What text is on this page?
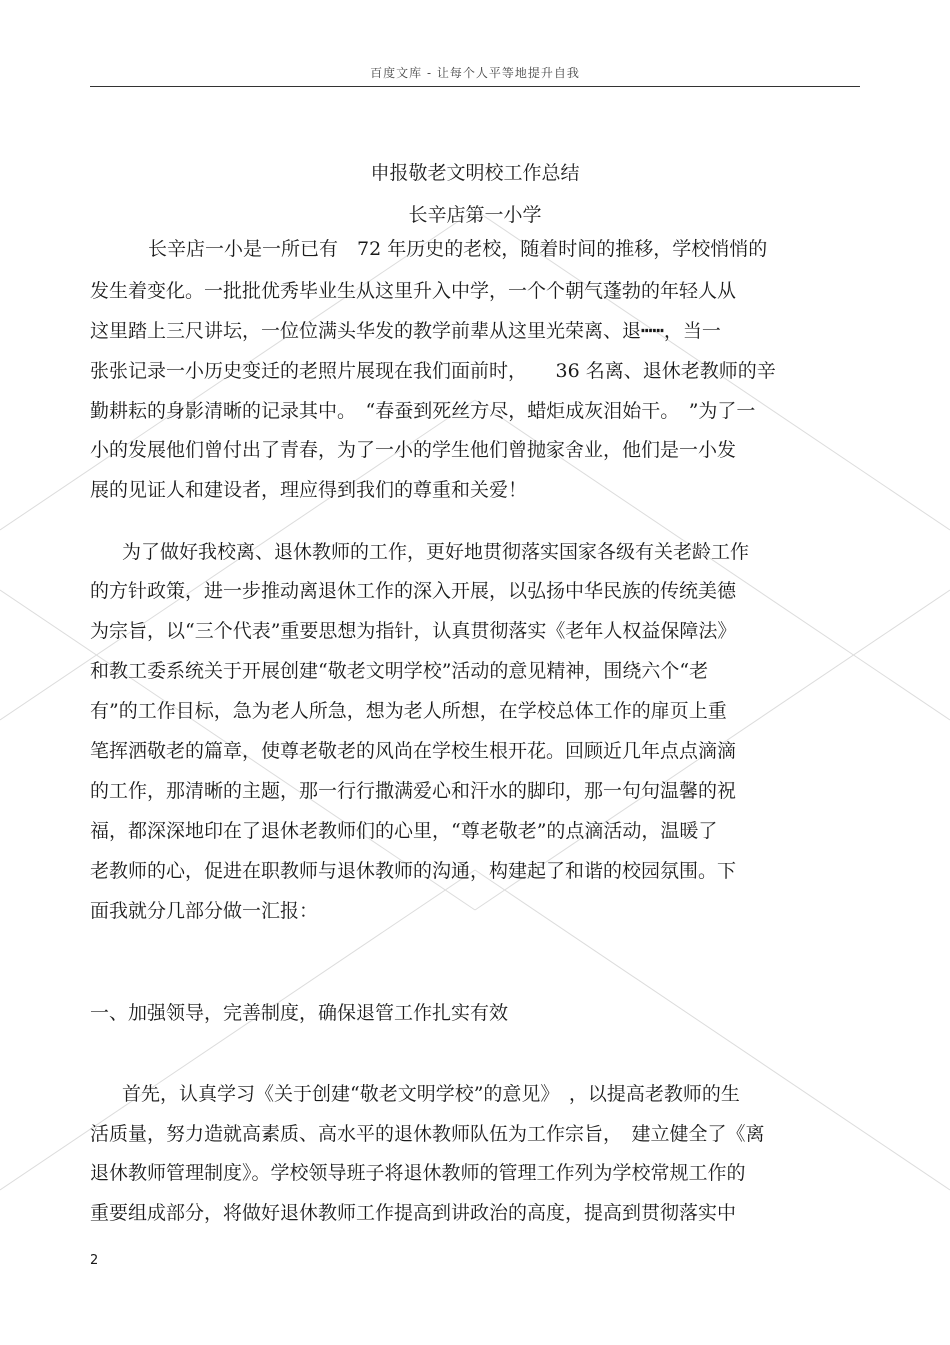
百度文库 - 让每个人平等地提升自我
申报敬老文明校工作总结
长辛店第一小学
长辛店一小是一所已有　72 年历史的老校，随着时间的推移，学校悄悄的
发生着变化。一批批优秀毕业生从这里升入中学，一个个朝气蓬勃的年轻人从
这里踏上三尺讲坛，一位位满头华发的教学前辈从这里光荣离、退┅┅，当一
张张记录一小历史变迁的老照片展现在我们面前时，　　36 名离、退休老教师的辛
勤耕耘的身影清晰的记录其中。　“春蚕到死丝方尽，蜡炬成灰泪始干。　”为了一
小的发展他们曾付出了青春，为了一小的学生他们曾抛家舍业，他们是一小发
展的见证人和建设者，理应得到我们的尊重和关爱！
为了做好我校离、退休教师的工作，更好地贯彻落实国家各级有关老龄工作
的方针政策，进一步推动离退休工作的深入开展，以弘扬中华民族的传统美德
为宗旨，以“三个代表”重要思想为指针，认真贯彻落实《老年人权益保障法》
和教工委系统关于开展创建“敬老文明学校”活动的意见精神，围绕六个“老
有”的工作目标，急为老人所急，想为老人所想，在学校总体工作的扉页上重
笔挥洒敬老的篇章，使尊老敬老的风尚在学校生根开花。回顾近几年点点滴滴
的工作，那清晰的主题，那一行行撒满爱心和汗水的脚印，那一句句温馨的祝
福，都深深地印在了退休老教师们的心里，“尊老敬老”的点滴活动，温暖了
老教师的心，促进在职教师与退休教师的沟通，构建起了和谐的校园氛围。下
面我就分几部分做一汇报：
一、加强领导，完善制度，确保退管工作扎实有效
首先，认真学习《关于创建“敬老文明学校”的意见》　，以提高老教师的生
活质量，努力造就高素质、高水平的退休教师队伍为工作宗旨，　建立健全了《离
退休教师管理制度》。学校领导班子将退休教师的管理工作列为学校常规工作的
重要组成部分，将做好退休教师工作提高到讲政治的高度，提高到贯彻落实中
2
